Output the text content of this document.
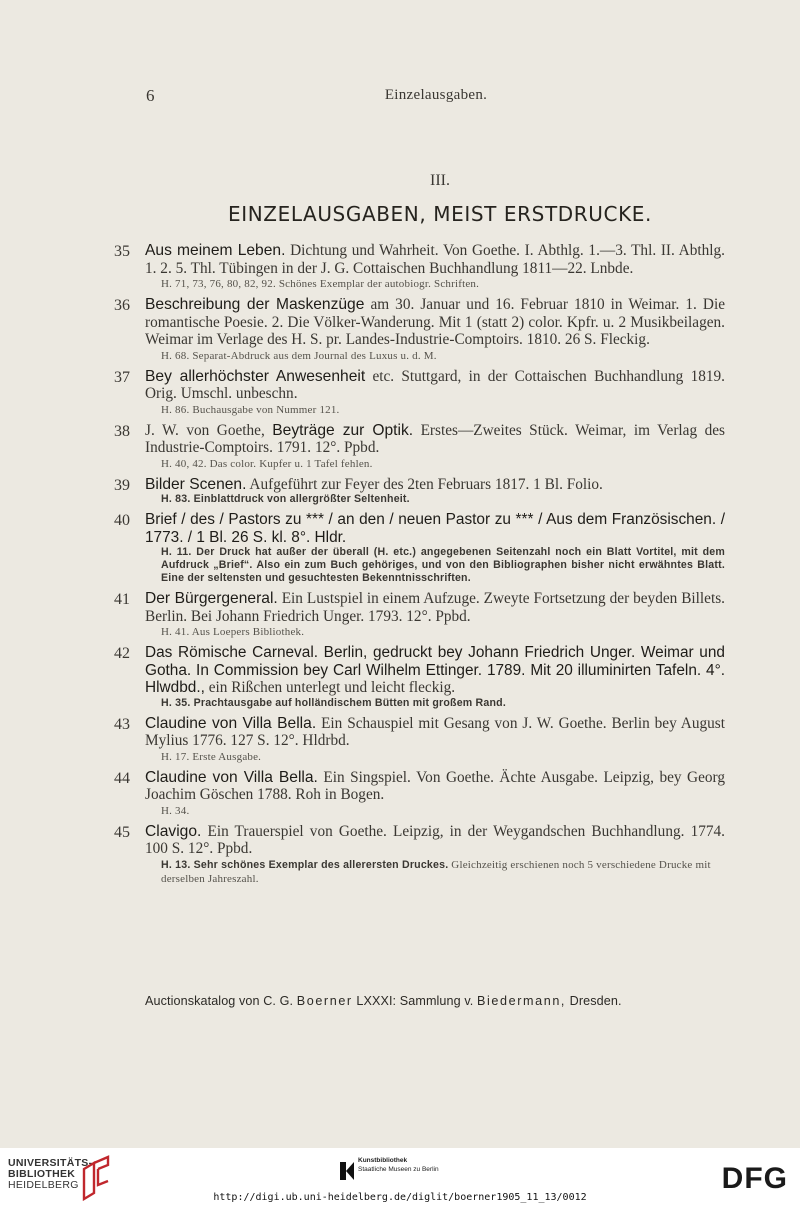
6	Einzelausgaben.
III.
EINZELAUSGABEN, MEIST ERSTDRUCKE.
35 Aus meinem Leben. Dichtung und Wahrheit. Von Goethe. I. Abthlg. 1.—3. Thl. II. Abthlg. 1. 2. 5. Thl. Tübingen in der J. G. Cottaischen Buchhandlung 1811—22. Lnbde.
H. 71, 73, 76, 80, 82, 92. Schönes Exemplar der autobiogr. Schriften.
36 Beschreibung der Maskenzüge am 30. Januar und 16. Februar 1810 in Weimar. 1. Die romantische Poesie. 2. Die Völker-Wanderung. Mit 1 (statt 2) color. Kpfr. u. 2 Musikbeilagen. Weimar im Verlage des H. S. pr. Landes-Industrie-Comptoirs. 1810. 26 S. Fleckig.
H. 68. Separat-Abdruck aus dem Journal des Luxus u. d. M.
37 Bey allerhöchster Anwesenheit etc. Stuttgard, in der Cottaischen Buchhandlung 1819. Orig. Umschl. unbeschn.
H. 86. Buchausgabe von Nummer 121.
38 J. W. von Goethe, Beyträge zur Optik. Erstes—Zweites Stück. Weimar, im Verlag des Industrie-Comptoirs. 1791. 12°. Ppbd.
H. 40, 42. Das color. Kupfer u. 1 Tafel fehlen.
39 Bilder Scenen. Aufgeführt zur Feyer des 2ten Februars 1817. 1 Bl. Folio.
H. 83. Einblattdruck von allergrößter Seltenheit.
40 Brief / des / Pastors zu *** / an den / neuen Pastor zu *** / Aus dem Französischen. / 1773. / 1 Bl. 26 S. kl. 8°. Hldr.
H. 11. Der Druck hat außer der überall (H. etc.) angegebenen Seitenzahl noch ein Blatt Vortitel, mit dem Aufdruck „Brief“. Also ein zum Buch gehöriges, und von den Bibliographen bisher nicht erwähntes Blatt. Eine der seltensten und gesuchtesten Bekenntnisschriften.
41 Der Bürgergeneral. Ein Lustspiel in einem Aufzuge. Zweyte Fortsetzung der beyden Billets. Berlin. Bei Johann Friedrich Unger. 1793. 12°. Ppbd.
H. 41. Aus Loepers Bibliothek.
42 Das Römische Carneval. Berlin, gedruckt bey Johann Friedrich Unger. Weimar und Gotha. In Commission bey Carl Wilhelm Ettinger. 1789. Mit 20 illuminirten Tafeln. 4°. Hlwdbd., ein Rißchen unterlegt und leicht fleckig.
H. 35. Prachtausgabe auf holländischem Bütten mit großem Rand.
43 Claudine von Villa Bella. Ein Schauspiel mit Gesang von J. W. Goethe. Berlin bey August Mylius 1776. 127 S. 12°. Hldrbd.
H. 17. Erste Ausgabe.
44 Claudine von Villa Bella. Ein Singspiel. Von Goethe. Ächte Ausgabe. Leipzig, bey Georg Joachim Göschen 1788. Roh in Bogen.
H. 34.
45 Clavigo. Ein Trauerspiel von Goethe. Leipzig, in der Weygandschen Buchhandlung. 1774. 100 S. 12°. Ppbd.
H. 13. Sehr schönes Exemplar des allerersten Druckes. Gleichzeitig erschienen noch 5 verschiedene Drucke mit derselben Jahreszahl.
Auctionskatalog von C. G. Boerner LXXXI: Sammlung v. Biedermann, Dresden.
UNIVERSITÄTS-
BIBLIOTHEK
HEIDELBERG
Kunstbibliothek
Staatliche Museen zu Berlin	DFG
http://digi.ub.uni-heidelberg.de/diglit/boerner1905_11_13/0012
